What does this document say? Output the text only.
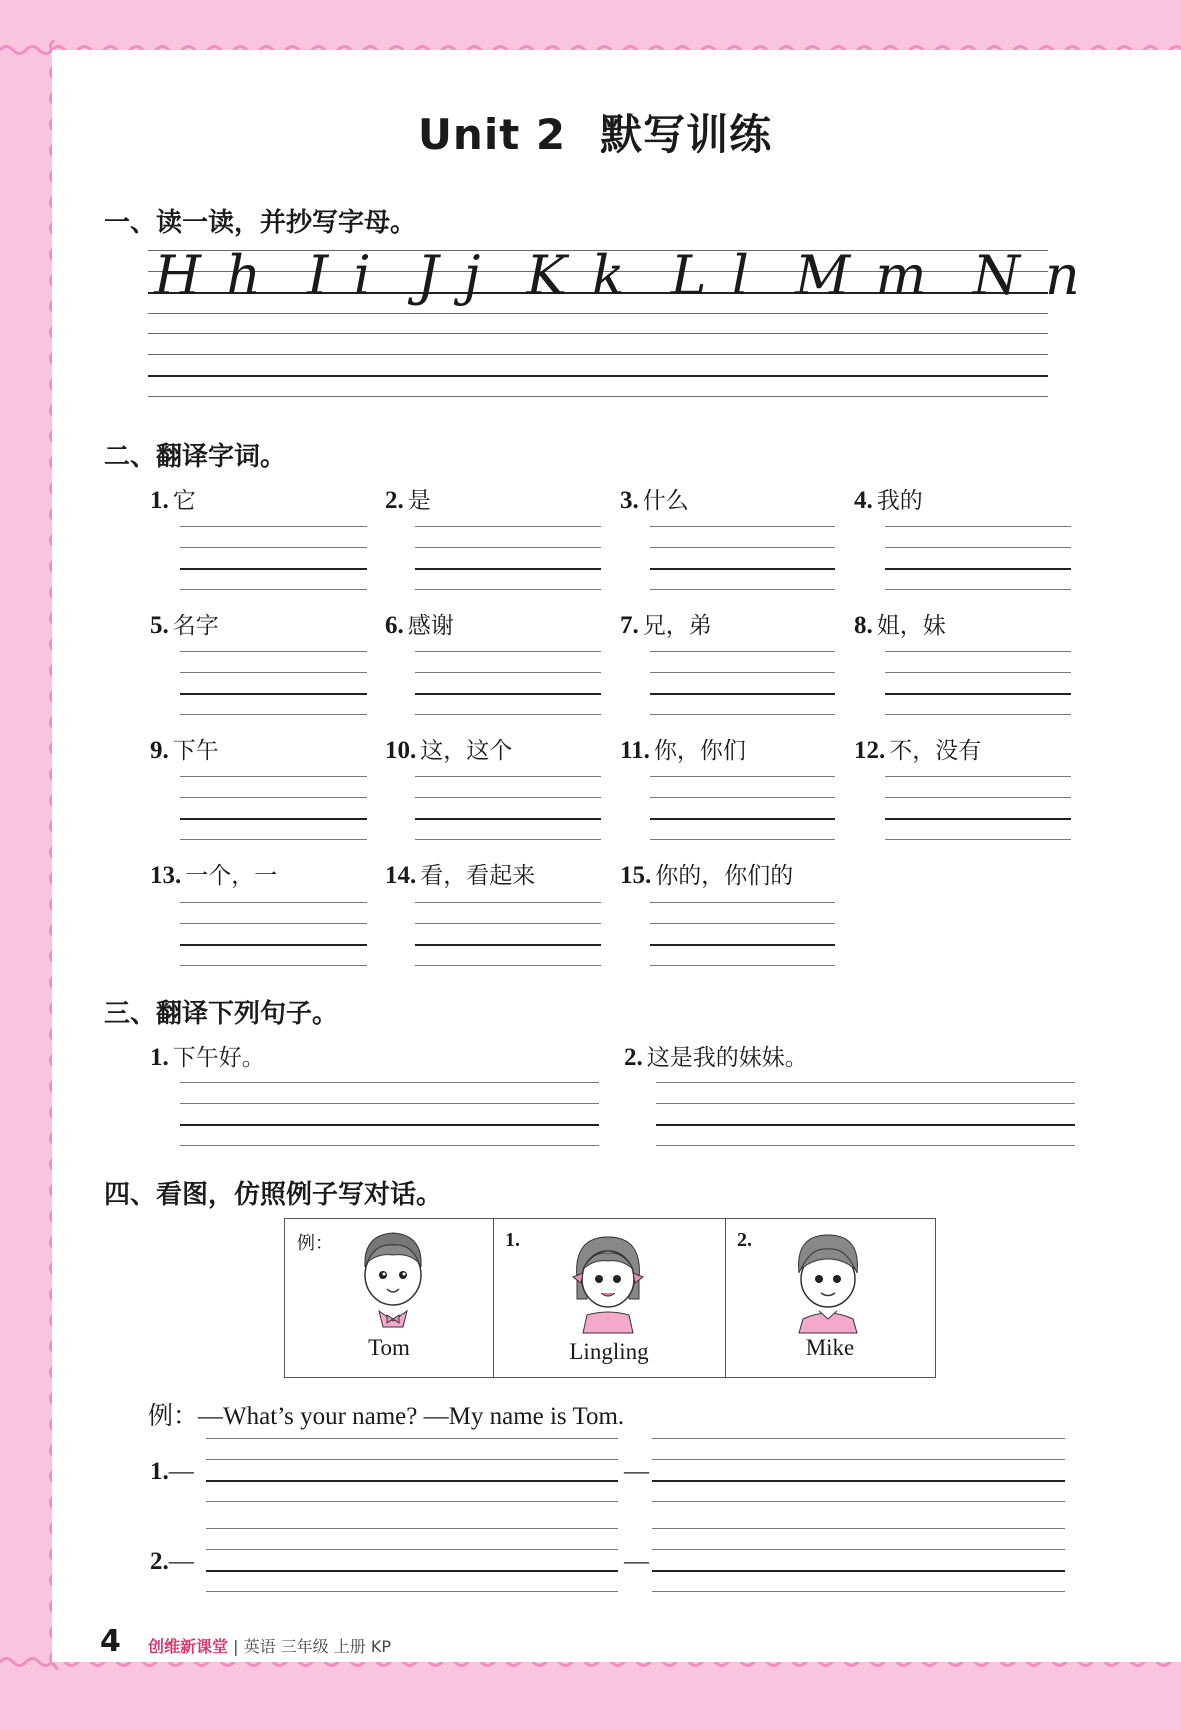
Unit 2 默写训练
一、读一读，并抄写字母。
H h I i J j K k L l M m N n
二、翻译字词。
1. 它	2. 是	3. 什么	4. 我的
5. 名字	6. 感谢	7. 兄，弟	8. 姐，妹
9. 下午	10. 这，这个	11. 你，你们	12. 不，没有
13. 一个，一	14. 看，看起来	15. 你的，你们的
三、翻译下列句子。
1. 下午好。	2. 这是我的妹妹。
四、看图，仿照例子写对话。
例：
Tom
1.
Lingling
2.
Mike
例：—What’s your name? —My name is Tom.
1.—	—
2.—	—
4 创维新课堂 | 英语 三年级 上册 KP
